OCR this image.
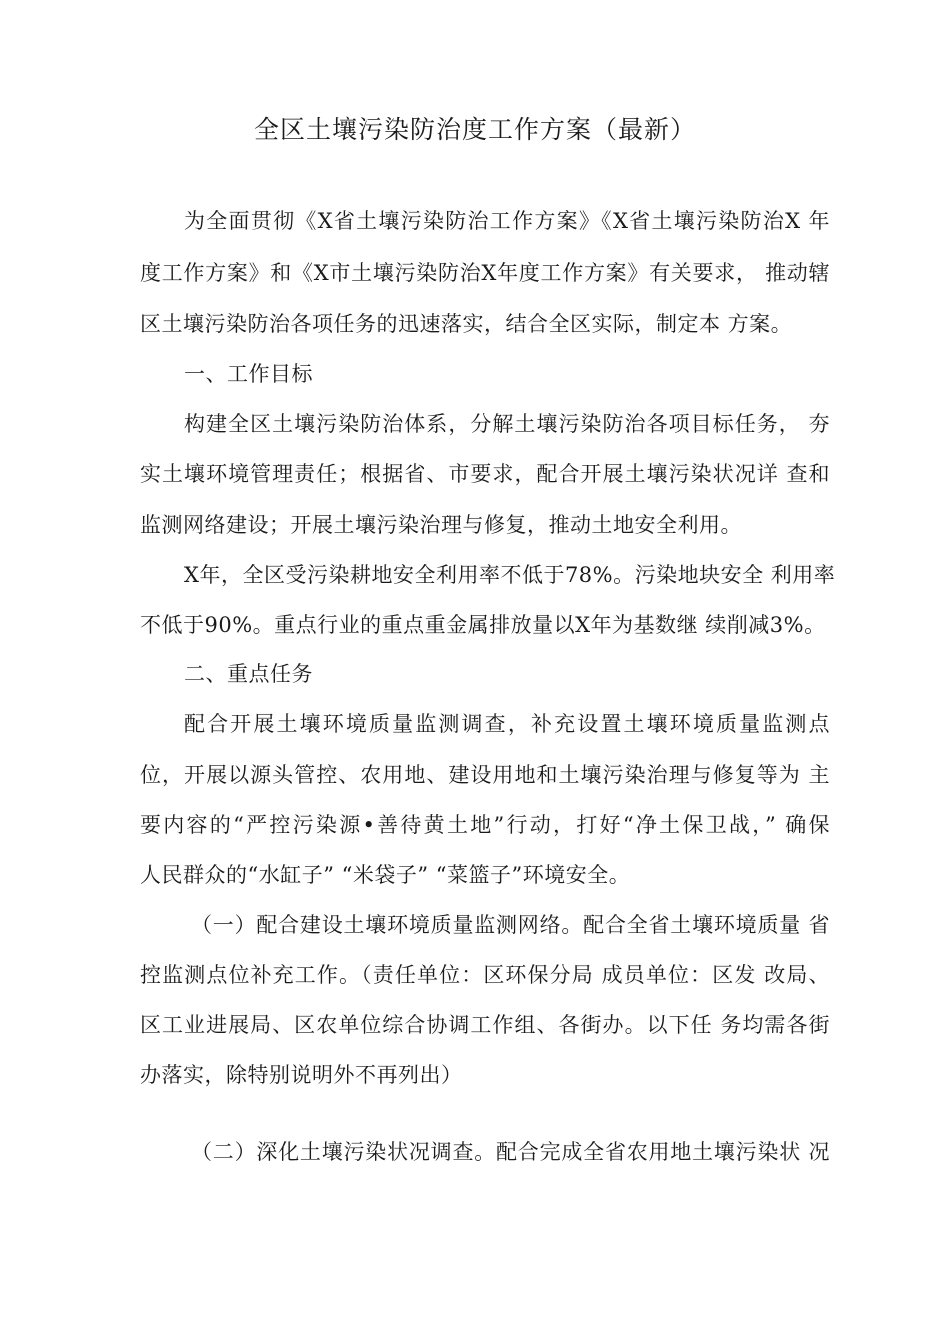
全区土壤污染防治度工作方案（最新）
为全面贯彻《X省土壤污染防治工作方案》《X省土壤污染防治X 年
度工作方案》和《X市土壤污染防治X年度工作方案》有关要求， 推动辖
区土壤污染防治各项任务的迅速落实，结合全区实际，制定本 方案。
一、工作目标
构建全区土壤污染防治体系，分解土壤污染防治各项目标任务， 夯
实土壤环境管理责任；根据省、市要求，配合开展土壤污染状况详 查和
监测网络建设；开展土壤污染治理与修复，推动土地安全利用。
X年，全区受污染耕地安全利用率不低于78%。污染地块安全 利用率
不低于90%。重点行业的重点重金属排放量以X年为基数继 续削减3%。
二、重点任务
配合开展土壤环境质量监测调查，补充设置土壤环境质量监测点
位，开展以源头管控、农用地、建设用地和土壤污染治理与修复等为 主
要内容的“严控污染源•善待黄土地”行动，打好“净土保卫战，” 确保
人民群众的“水缸子” “米袋子” “菜篮子”环境安全。
（一）配合建设土壤环境质量监测网络。配合全省土壤环境质量 省
控监测点位补充工作。（责任单位：区环保分局 成员单位：区发 改局、
区工业进展局、区农单位综合协调工作组、各街办。以下任 务均需各街
办落实，除特别说明外不再列出）
（二）深化土壤污染状况调查。配合完成全省农用地土壤污染状 况
